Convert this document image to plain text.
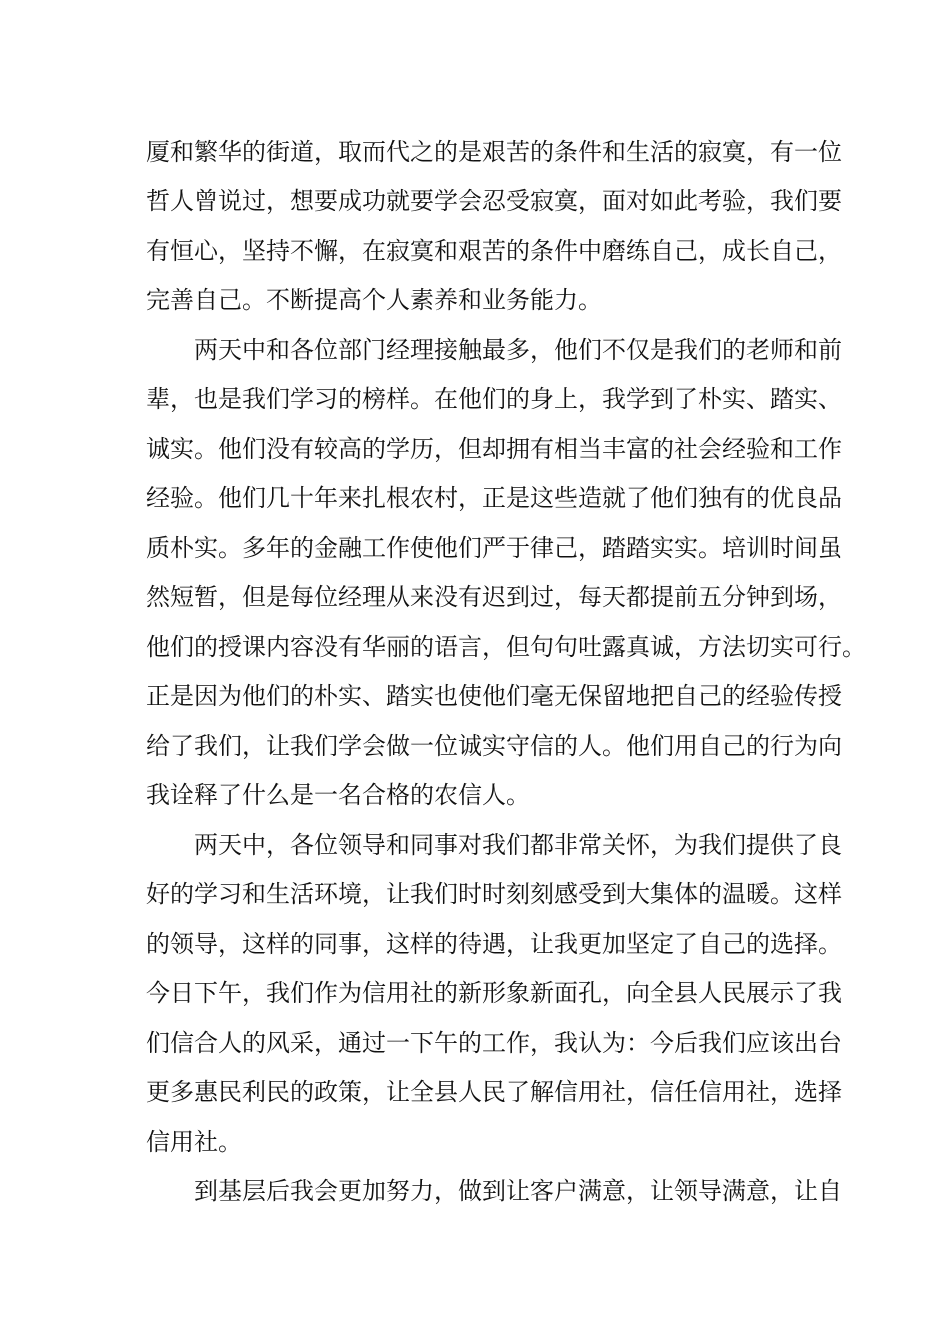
厦和繁华的街道，取而代之的是艰苦的条件和生活的寂寞，有一位

哲人曾说过，想要成功就要学会忍受寂寞，面对如此考验，我们要

有恒心，坚持不懈，在寂寞和艰苦的条件中磨练自己，成长自己，

完善自己。不断提高个人素养和业务能力。

两天中和各位部门经理接触最多，他们不仅是我们的老师和前

辈，也是我们学习的榜样。在他们的身上，我学到了朴实、踏实、

诚实。他们没有较高的学历，但却拥有相当丰富的社会经验和工作

经验。他们几十年来扎根农村，正是这些造就了他们独有的优良品

质朴实。多年的金融工作使他们严于律己，踏踏实实。培训时间虽

然短暂，但是每位经理从来没有迟到过，每天都提前五分钟到场，

他们的授课内容没有华丽的语言，但句句吐露真诚，方法切实可行。

正是因为他们的朴实、踏实也使他们毫无保留地把自己的经验传授

给了我们，让我们学会做一位诚实守信的人。他们用自己的行为向

我诠释了什么是一名合格的农信人。

两天中，各位领导和同事对我们都非常关怀，为我们提供了良

好的学习和生活环境，让我们时时刻刻感受到大集体的温暖。这样

的领导，这样的同事，这样的待遇，让我更加坚定了自己的选择。

今日下午，我们作为信用社的新形象新面孔，向全县人民展示了我

们信合人的风采，通过一下午的工作，我认为：今后我们应该出台

更多惠民利民的政策，让全县人民了解信用社，信任信用社，选择

信用社。

到基层后我会更加努力，做到让客户满意，让领导满意，让自
